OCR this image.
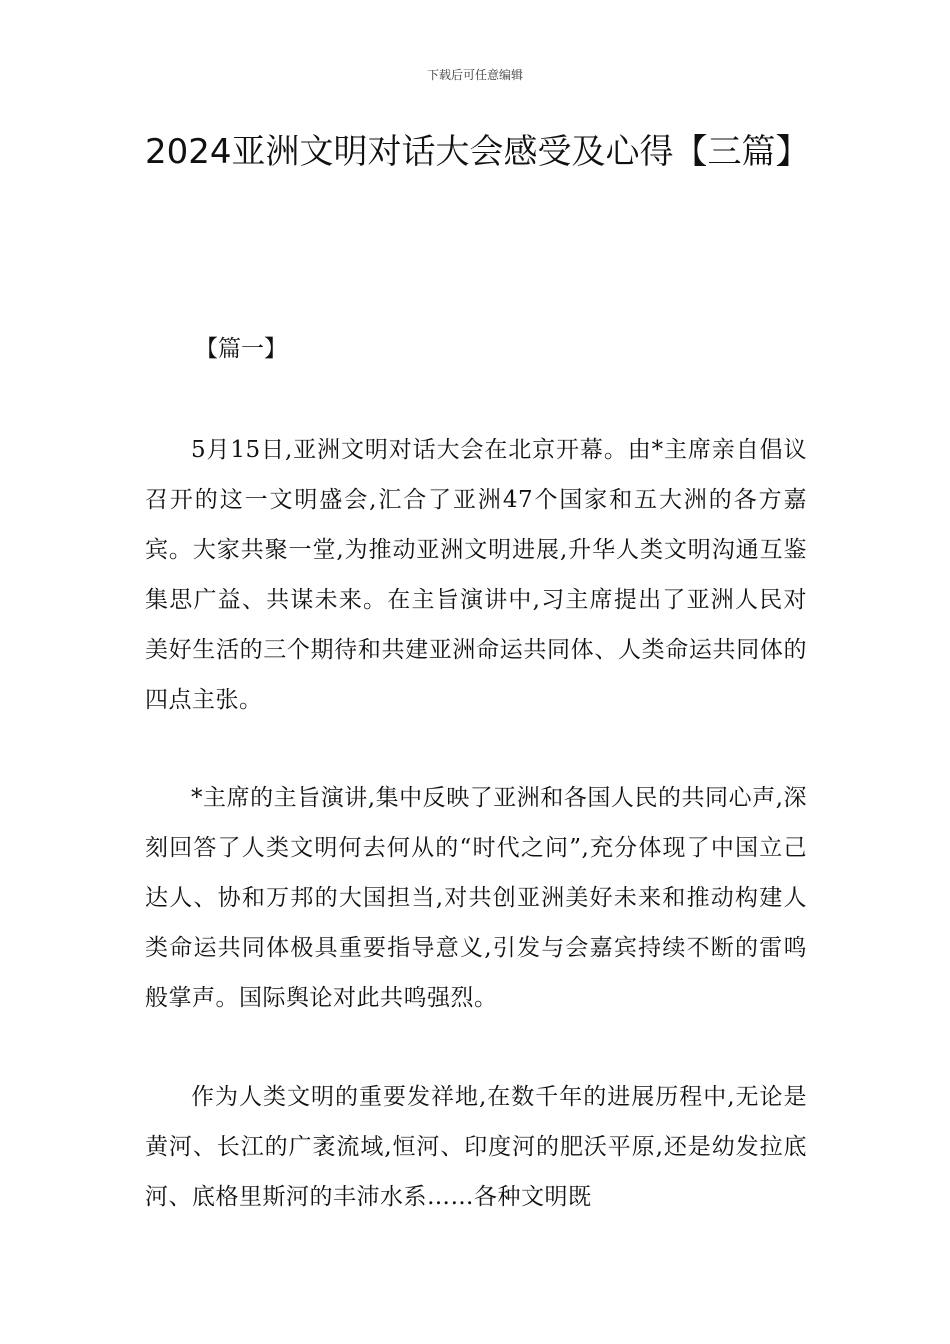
下载后可任意编辑
2024亚洲文明对话大会感受及心得【三篇】
【篇一】

5月15日,亚洲文明对话大会在北京开幕。由*主席亲自倡议召开的这一文明盛会,汇合了亚洲47个国家和五大洲的各方嘉宾。大家共聚一堂,为推动亚洲文明进展,升华人类文明沟通互鉴集思广益、共谋未来。在主旨演讲中,习主席提出了亚洲人民对美好生活的三个期待和共建亚洲命运共同体、人类命运共同体的四点主张。

*主席的主旨演讲,集中反映了亚洲和各国人民的共同心声,深刻回答了人类文明何去何从的“时代之问”,充分体现了中国立己达人、协和万邦的大国担当,对共创亚洲美好未来和推动构建人类命运共同体极具重要指导意义,引发与会嘉宾持续不断的雷鸣般掌声。国际舆论对此共鸣强烈。

作为人类文明的重要发祥地,在数千年的进展历程中,无论是黄河、长江的广袤流域,恒河、印度河的肥沃平原,还是幼发拉底河、底格里斯河的丰沛水系……各种文明既
